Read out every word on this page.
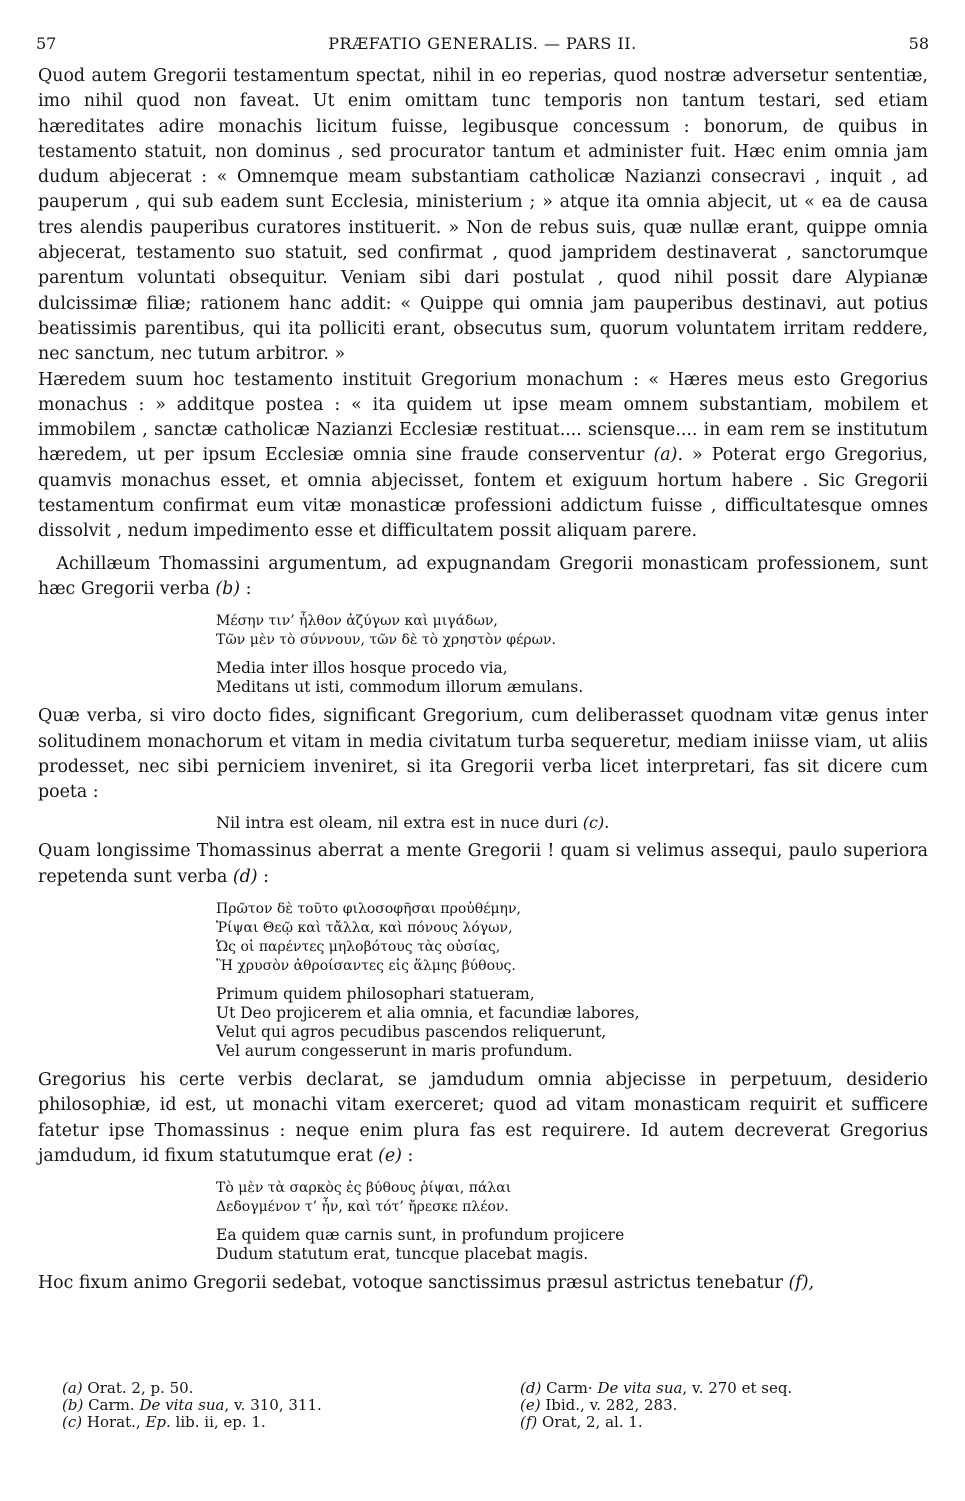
57	PRÆFATIO GENERALIS. — PARS II.	58

Quod autem Gregorii testamentum spectat, nihil in eo reperias, quod nostræ adversetur sententiæ, imo nihil quod non faveat. Ut enim omittam tunc temporis non tantum testari, sed etiam hæreditates adire monachis licitum fuisse, legibusque concessum : bonorum, de quibus in testamento statuit, non dominus , sed procurator tantum et administer fuit. Hæc enim omnia jam dudum abjecerat : « Omnemque meam substantiam catholicæ Nazianzi consecravi , inquit , ad pauperum , qui sub eadem sunt Ecclesia, ministerium ; » atque ita omnia abjecit, ut « ea de causa tres alendis pauperibus curatores instituerit. » Non de rebus suis, quæ nullæ erant, quippe omnia abjecerat, testamento suo statuit, sed confirmat , quod jampridem destinaverat , sanctorumque parentum voluntati obsequitur. Veniam sibi dari postulat , quod nihil possit dare Alypianæ dulcissimæ filiæ; rationem hanc addit: « Quippe qui omnia jam pauperibus destinavi, aut potius beatissimis parentibus, qui ita polliciti erant, obsecutus sum, quorum voluntatem irritam reddere, nec sanctum, nec tutum arbitror. »

Hæredem suum hoc testamento instituit Gregorium monachum : « Hæres meus esto Gregorius monachus : » additque postea : « ita quidem ut ipse meam omnem substantiam, mobilem et immobilem , sanctæ catholicæ Nazianzi Ecclesiæ restituat.... sciensque.... in eam rem se institutum hæredem, ut per ipsum Ecclesiæ omnia sine fraude conserventur (a). » Poterat ergo Gregorius, quamvis monachus esset, et omnia abjecisset, fontem et exiguum hortum habere . Sic Gregorii testamentum confirmat eum vitæ monasticæ professioni addictum fuisse , difficultatesque omnes dissolvit , nedum impedimento esse et difficultatem possit aliquam parere.

Achillæum Thomassini argumentum, ad expugnandam Gregorii monasticam professionem, sunt hæc Gregorii verba (b) :

Μέσην τιν’ ἦλθον ἀζύγων καὶ μιγάδων,
Τῶν μὲν τὸ σύννουν, τῶν δὲ τὸ χρηστὸν φέρων.
Media inter illos hosque procedo via,
Meditans ut isti, commodum illorum æmulans.

Quæ verba, si viro docto fides, significant Gregorium, cum deliberasset quodnam vitæ genus inter solitudinem monachorum et vitam in media civitatum turba sequeretur, mediam iniisse viam, ut aliis prodesset, nec sibi perniciem inveniret, si ita Gregorii verba licet interpretari, fas sit dicere cum poeta :

Nil intra est oleam, nil extra est in nuce duri (c).

Quam longissime Thomassinus aberrat a mente Gregorii ! quam si velimus assequi, paulo superiora repetenda sunt verba (d) :

Πρῶτον δὲ τοῦτο φιλοσοφῆσαι προὐθέμην,
Ῥίψαι Θεῷ καὶ τἄλλα, καὶ πόνους λόγων,
Ὡς οἱ παρέντες μηλοβότους τὰς οὐσίας,
Ἢ χρυσὸν ἀθροίσαντες εἰς ἅλμης βύθους.
Primum quidem philosophari statueram,
Ut Deo projicerem et alia omnia, et facundiæ labores,
Velut qui agros pecudibus pascendos reliquerunt,
Vel aurum congesserunt in maris profundum.

Gregorius his certe verbis declarat, se jamdudum omnia abjecisse in perpetuum, desiderio philosophiæ, id est, ut monachi vitam exerceret; quod ad vitam monasticam requirit et sufficere fatetur ipse Thomassinus : neque enim plura fas est requirere. Id autem decreverat Gregorius jamdudum, id fixum statutumque erat (e) :

Τὸ μὲν τὰ σαρκὸς ἐς βύθους ῥίψαι, πάλαι
Δεδογμένον τ’ ἦν, καὶ τότ’ ἤρεσκε πλέον.
Ea quidem quæ carnis sunt, in profundum projicere
Dudum statutum erat, tuncque placebat magis.

Hoc fixum animo Gregorii sedebat, votoque sanctissimus præsul astrictus tenebatur (f),

(a) Orat. 2, p. 50.
(b) Carm. De vita sua, v. 310, 311.
(c) Horat., Ep. lib. ii, ep. 1.
(d) Carm· De vita sua, v. 270 et seq.
(e) Ibid., v. 282, 283.
(f) Orat, 2, al. 1.
